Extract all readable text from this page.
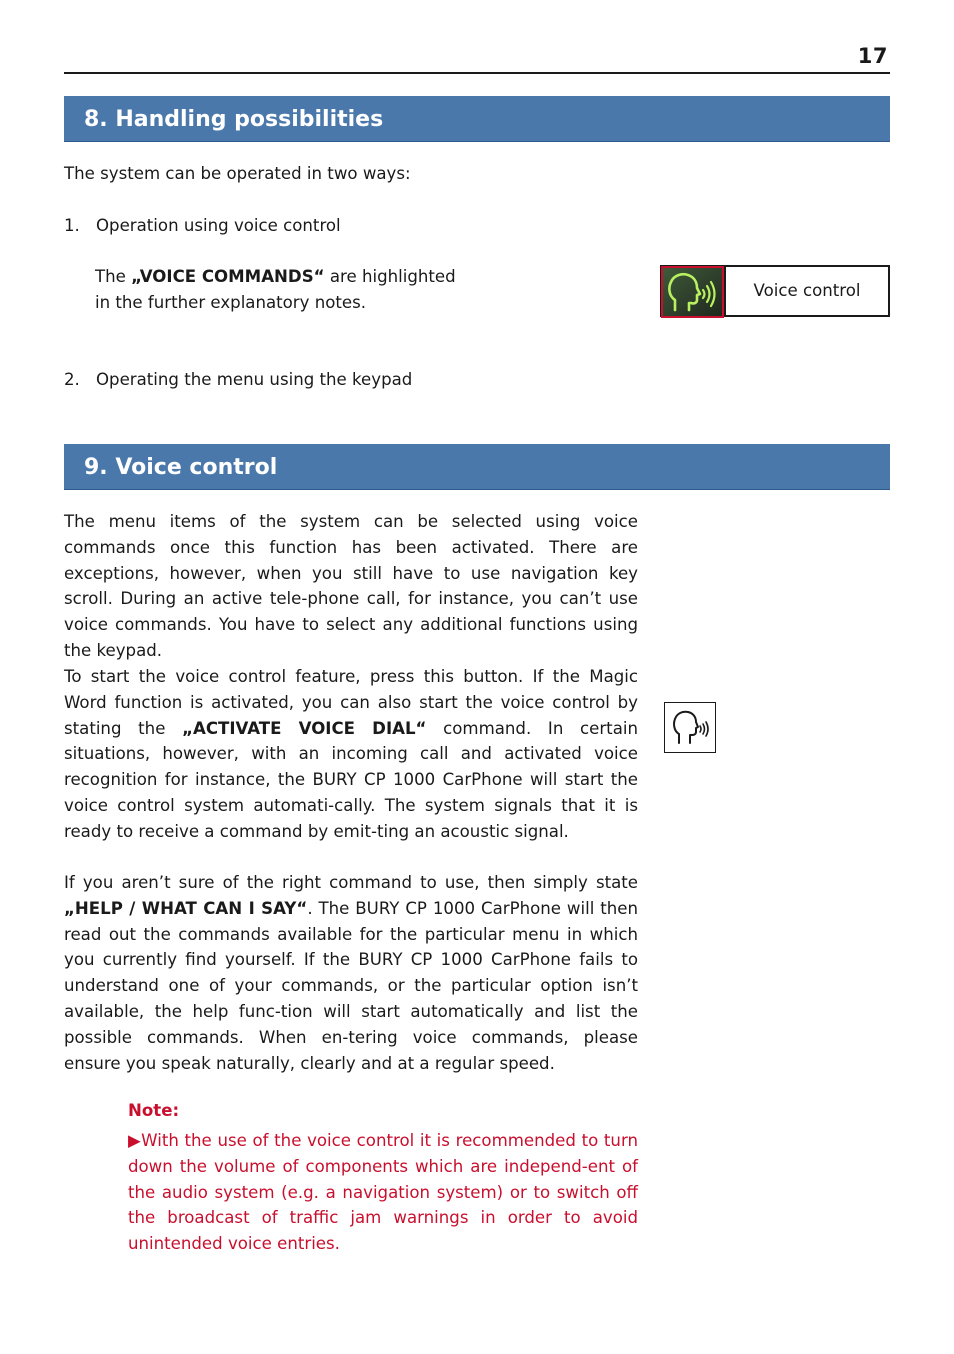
17
8. Handling possibilities

The system can be operated in two ways:

1. Operation using voice control

The „VOICE COMMANDS“ are highlighted

in the further explanatory notes.

Voice control
2. Operating the menu using the keypad
9. Voice control

The menu items of the system can be selected using voice commands once this function has been activated. There are exceptions, however, when you still have to use navigation key scroll. During an active tele-phone call, for instance, you can’t use voice commands. You have to select any additional functions using the keypad.

To start the voice control feature, press this button. If the Magic Word function is activated, you can also start the voice control by stating the „ACTIVATE VOICE DIAL“ command. In certain situations, however, with an incoming call and activated voice recognition for instance, the BURY CP 1000 CarPhone will start the voice control system automati-cally. The system signals that it is ready to receive a command by emit-ting an acoustic signal.

If you aren’t sure of the right command to use, then simply state „HELP / WHAT CAN I SAY“. The BURY CP 1000 CarPhone will then read out the commands available for the particular menu in which you currently find yourself. If the BURY CP 1000 CarPhone fails to understand one of your commands, or the particular option isn’t available, the help func-tion will start automatically and list the possible commands. When en-tering voice commands, please ensure you speak naturally, clearly and at a regular speed.

Note:

▶With the use of the voice control it is recommended to turn down the volume of components which are independ-ent of the audio system (e.g. a navigation system) or to switch off the broadcast of traffic jam warnings in order to avoid unintended voice entries.
